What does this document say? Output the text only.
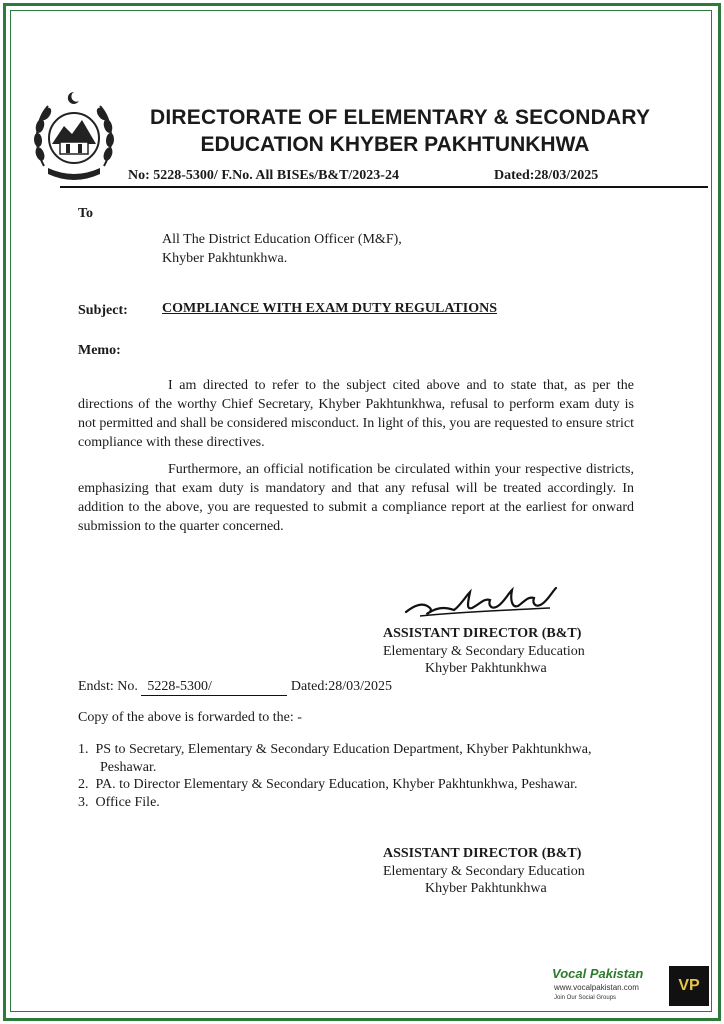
DIRECTORATE OF ELEMENTARY & SECONDARY
EDUCATION KHYBER PAKHTUNKHWA
No: 5228-5300/ F.No. All BISEs/B&T/2023-24	Dated:28/03/2025
To
All The District Education Officer (M&F),
Khyber Pakhtunkhwa.
Subject: COMPLIANCE WITH EXAM DUTY REGULATIONS
Memo:
I am directed to refer to the subject cited above and to state that, as per the directions of the worthy Chief Secretary, Khyber Pakhtunkhwa, refusal to perform exam duty is not permitted and shall be considered misconduct. In light of this, you are requested to ensure strict compliance with these directives.
Furthermore, an official notification be circulated within your respective districts, emphasizing that exam duty is mandatory and that any refusal will be treated accordingly. In addition to the above, you are requested to submit a compliance report at the earliest for onward submission to the quarter concerned.
ASSISTANT DIRECTOR (B&T)
Elementary & Secondary Education
Khyber Pakhtunkhwa
Endst: No. 5228-5300/	Dated:28/03/2025
Copy of the above is forwarded to the: -
1. PS to Secretary, Elementary & Secondary Education Department, Khyber Pakhtunkhwa,
Peshawar.
2. PA. to Director Elementary & Secondary Education, Khyber Pakhtunkhwa, Peshawar.
3. Office File.
ASSISTANT DIRECTOR (B&T)
Elementary & Secondary Education
Khyber Pakhtunkhwa
Vocal Pakistan
www.vocalpakistan.com
Join Our Social Groups
VP
